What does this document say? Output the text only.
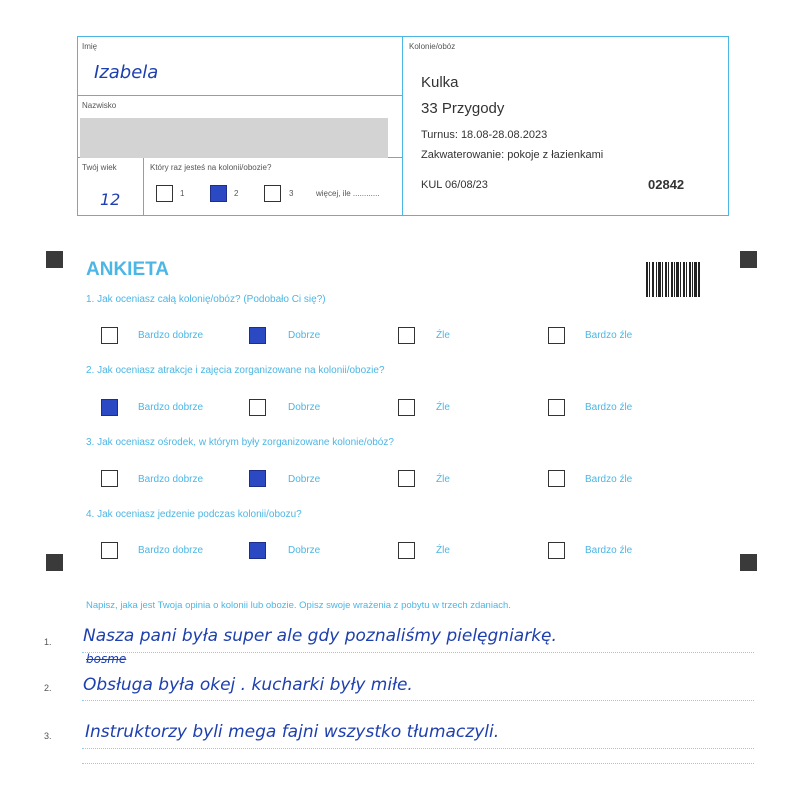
Imię
Izabela
Nazwisko
Twój wiek
12
Który raz jesteś na kolonii/obozie?
1	2	3	więcej, ile ............
Kolonie/obóz
Kulka
33 Przygody
Turnus: 18.08-28.08.2023
Zakwaterowanie: pokoje z łazienkami
KUL 06/08/23	02842
ANKIETA
1. Jak oceniasz całą kolonię/obóz? (Podobało Ci się?)
Bardzo dobrze	Dobrze	Źle	Bardzo źle
2. Jak oceniasz atrakcje i zajęcia zorganizowane na kolonii/obozie?
Bardzo dobrze	Dobrze	Źle	Bardzo źle
3. Jak oceniasz ośrodek, w którym były zorganizowane kolonie/obóz?
Bardzo dobrze	Dobrze	Źle	Bardzo źle
4. Jak oceniasz jedzenie podczas kolonii/obozu?
Bardzo dobrze	Dobrze	Źle	Bardzo źle
Napisz, jaka jest Twoja opinia o kolonii lub obozie. Opisz swoje wrażenia z pobytu w trzech zdaniach.
1. Nasza pani była super ale gdy poznaliśmy pielęgniarkę.
bosme
2. Obsługa była okej . kucharki były miłe.
3. Instruktorzy byli mega fajni wszystko tłumaczyli.
